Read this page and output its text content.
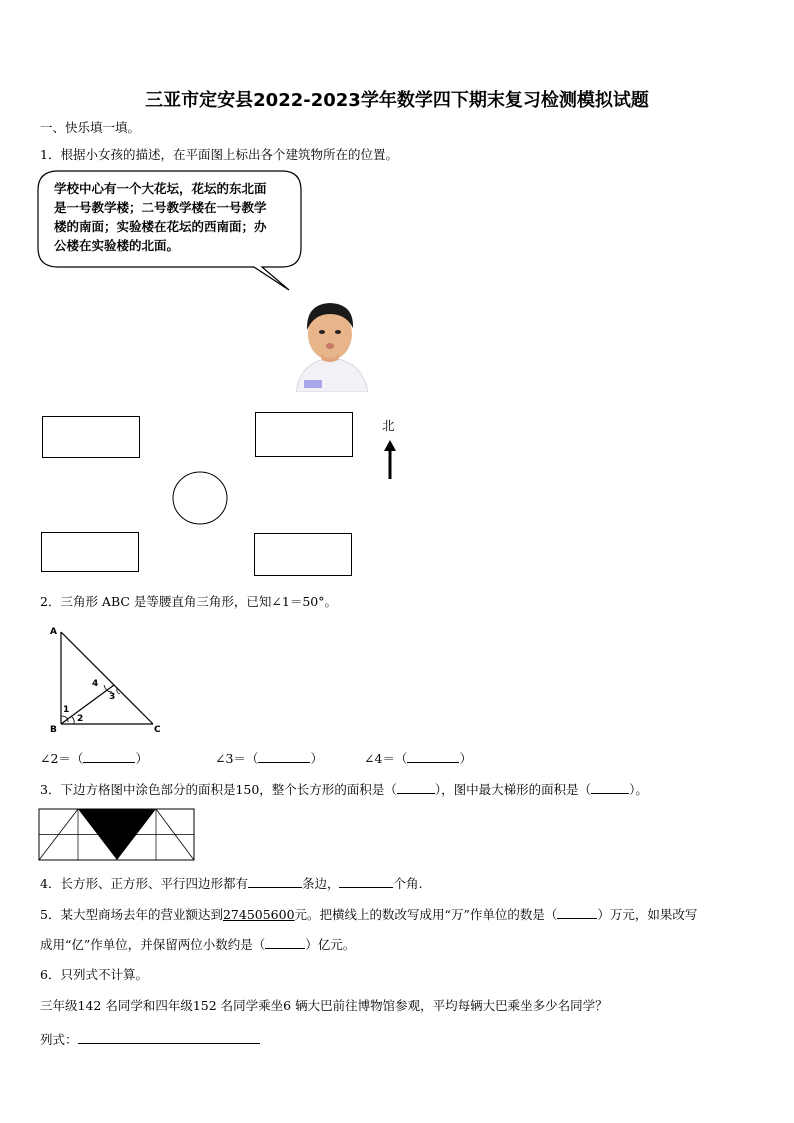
三亚市定安县2022-2023学年数学四下期末复习检测模拟试题
一、快乐填一填。
1．根据小女孩的描述，在平面图上标出各个建筑物所在的位置。
学校中心有一个大花坛，花坛的东北面
是一号教学楼；二号教学楼在一号教学
楼的南面；实验楼在花坛的西南面；办
公楼在实验楼的北面。
北
2．三角形 ABC 是等腰直角三角形，已知∠1＝50°。
A
B	C
1
2
3
4
∠2＝（	）	∠3＝（	）	∠4＝（	）
3．下边方格图中涂色部分的面积是150，整个长方形的面积是（	），图中最大梯形的面积是（	）。
4．长方形、正方形、平行四边形都有	条边，	个角.
5．某大型商场去年的营业额达到274505600元。把横线上的数改写成用“万”作单位的数是（	）万元，如果改写
成用“亿”作单位，并保留两位小数约是（	）亿元。
6．只列式不计算。
三年级142 名同学和四年级152 名同学乘坐6 辆大巴前往博物馆参观，平均每辆大巴乘坐多少名同学？
列式：
